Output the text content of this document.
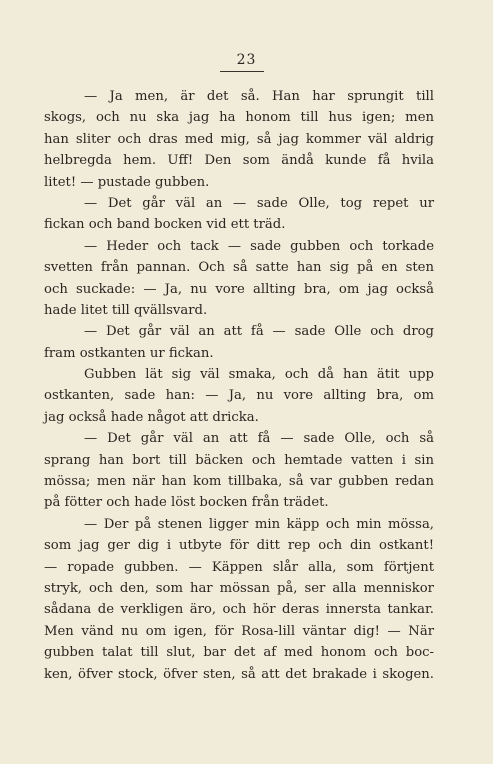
23
— Ja men, är det så. Han har sprungit till
skogs, och nu ska jag ha honom till hus igen; men
han sliter och dras med mig, så jag kommer väl aldrig
helbregda hem. Uff! Den som ändå kunde få hvila
litet! — pustade gubben.
— Det går väl an — sade Olle, tog repet ur
fickan och band bocken vid ett träd.
— Heder och tack — sade gubben och torkade
svetten från pannan. Och så satte han sig på en sten
och suckade: — Ja, nu vore allting bra, om jag också
hade litet till qvällsvard.
— Det går väl an att få — sade Olle och drog
fram ostkanten ur fickan.
Gubben lät sig väl smaka, och då han ätit upp
ostkanten, sade han: — Ja, nu vore allting bra, om
jag också hade något att dricka.
— Det går väl an att få — sade Olle, och så
sprang han bort till bäcken och hemtade vatten i sin
mössa; men när han kom tillbaka, så var gubben redan
på fötter och hade löst bocken från trädet.
— Der på stenen ligger min käpp och min mössa,
som jag ger dig i utbyte för ditt rep och din ostkant!
— ropade gubben. — Käppen slår alla, som förtjent
stryk, och den, som har mössan på, ser alla menniskor
sådana de verkligen äro, och hör deras innersta tankar.
Men vänd nu om igen, för Rosa-lill väntar dig! — När
gubben talat till slut, bar det af med honom och boc-
ken, öfver stock, öfver sten, så att det brakade i skogen.
